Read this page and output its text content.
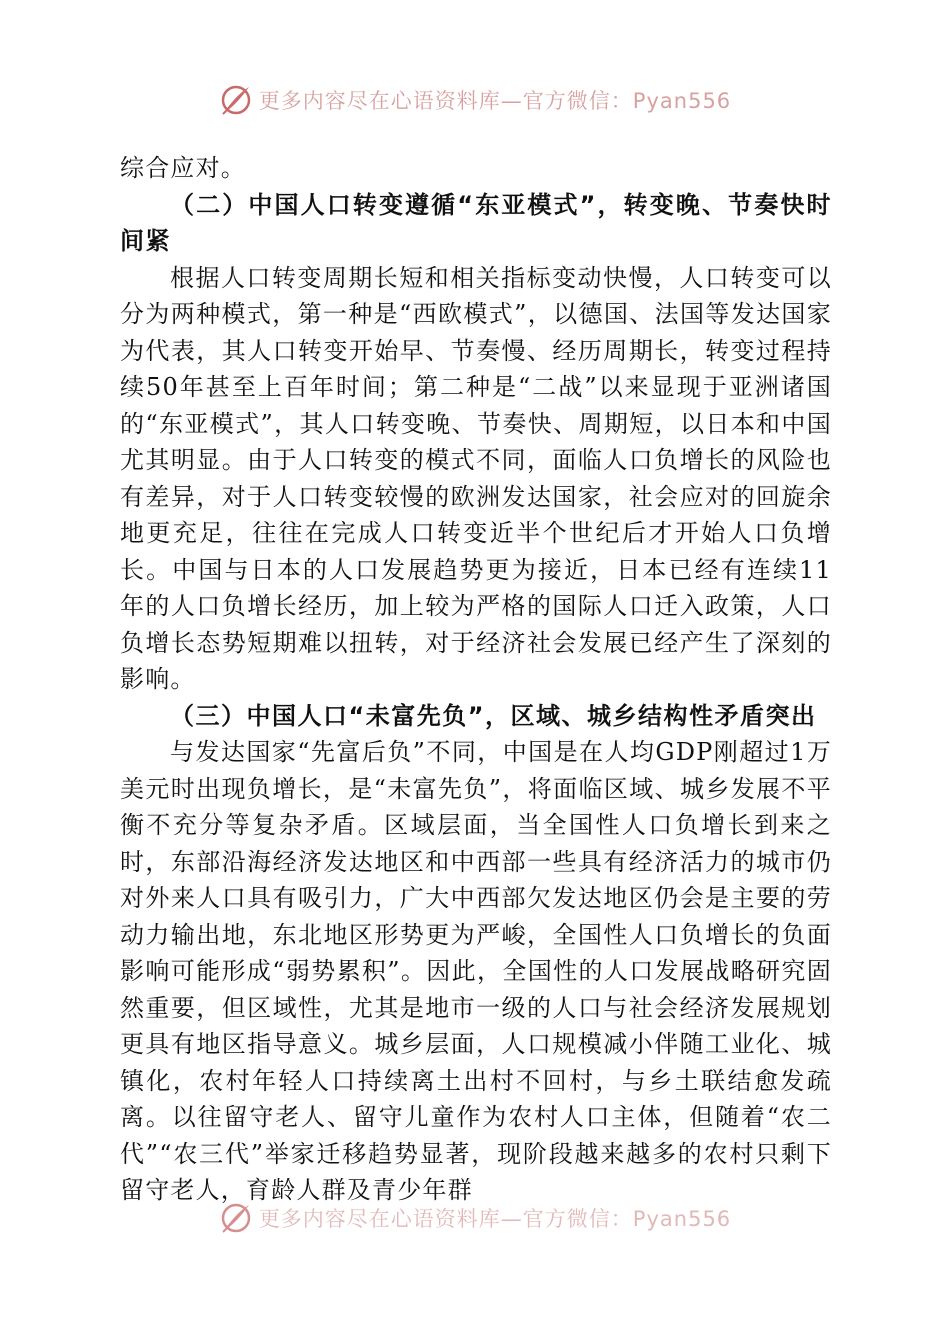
更多内容尽在心语资料库—官方微信：Pyan556

综合应对。

（二）中国人口转变遵循“东亚模式”，转变晚、节奏快时间紧

根据人口转变周期长短和相关指标变动快慢，人口转变可以分为两种模式，第一种是“西欧模式”，以德国、法国等发达国家为代表，其人口转变开始早、节奏慢、经历周期长，转变过程持续50年甚至上百年时间；第二种是“二战”以来显现于亚洲诸国的“东亚模式”，其人口转变晚、节奏快、周期短，以日本和中国尤其明显。由于人口转变的模式不同，面临人口负增长的风险也有差异，对于人口转变较慢的欧洲发达国家，社会应对的回旋余地更充足，往往在完成人口转变近半个世纪后才开始人口负增长。中国与日本的人口发展趋势更为接近，日本已经有连续11年的人口负增长经历，加上较为严格的国际人口迁入政策，人口负增长态势短期难以扭转，对于经济社会发展已经产生了深刻的影响。

（三）中国人口“未富先负”，区域、城乡结构性矛盾突出

与发达国家“先富后负”不同，中国是在人均GDP刚超过1万美元时出现负增长，是“未富先负”，将面临区域、城乡发展不平衡不充分等复杂矛盾。区域层面，当全国性人口负增长到来之时，东部沿海经济发达地区和中西部一些具有经济活力的城市仍对外来人口具有吸引力，广大中西部欠发达地区仍会是主要的劳动力输出地，东北地区形势更为严峻，全国性人口负增长的负面影响可能形成“弱势累积”。因此，全国性的人口发展战略研究固然重要，但区域性，尤其是地市一级的人口与社会经济发展规划更具有地区指导意义。城乡层面，人口规模减小伴随工业化、城镇化，农村年轻人口持续离土出村不回村，与乡土联结愈发疏离。以往留守老人、留守儿童作为农村人口主体，但随着“农二代”“农三代”举家迁移趋势显著，现阶段越来越多的农村只剩下留守老人，育龄人群及青少年群

更多内容尽在心语资料库—官方微信：Pyan556
